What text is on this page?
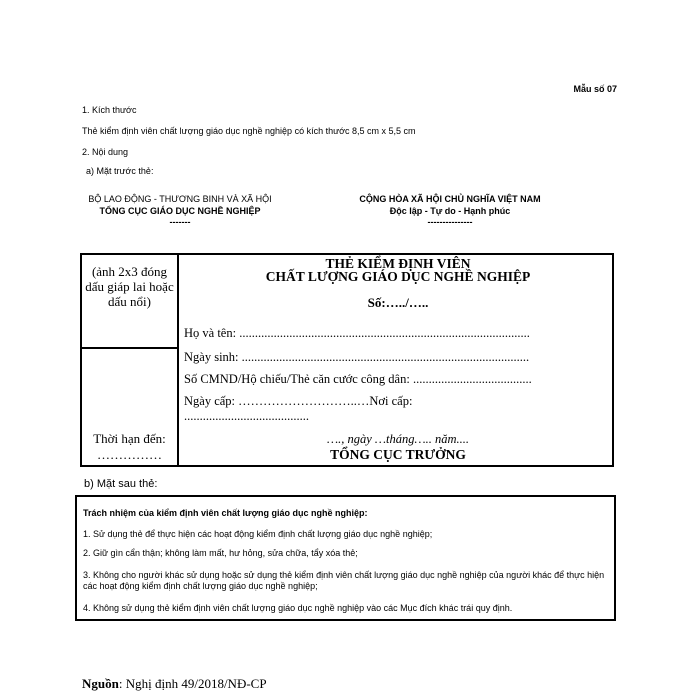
Mẫu số 07
1. Kích thước
Thẻ kiểm định viên chất lượng giáo dục nghề nghiệp có kích thước 8,5 cm x 5,5 cm
2. Nội dung
a) Mặt trước thẻ:
BỘ LAO ĐỘNG - THƯƠNG BINH VÀ XÃ HỘI
TỔNG CỤC GIÁO DỤC NGHỀ NGHIỆP
-------
CỘNG HÒA XÃ HỘI CHỦ NGHĨA VIỆT NAM
Độc lập - Tự do - Hạnh phúc
---------------
(ảnh 2x3 đóng dấu giáp lai hoặc dấu nổi)
Thời hạn đến:
……………
THẺ KIỂM ĐỊNH VIÊN
CHẤT LƯỢNG GIÁO DỤC NGHỀ NGHIỆP
Số:…../…..
Họ và tên: .............................................................................................
Ngày sinh: ............................................................................................
Số CMND/Hộ chiếu/Thẻ căn cước công dân: ......................................
Ngày cấp: ………………………..…Nơi cấp: ........................................
…., ngày …tháng….. năm....
TỔNG CỤC TRƯỞNG
b) Mặt sau thẻ:
Trách nhiệm của kiểm định viên chất lượng giáo dục nghề nghiệp:
1. Sử dụng thẻ để thực hiện các hoạt động kiểm định chất lượng giáo dục nghề nghiệp;
2. Giữ gìn cẩn thận; không làm mất, hư hỏng, sửa chữa, tẩy xóa thẻ;
3. Không cho người khác sử dụng hoặc sử dụng thẻ kiểm định viên chất lượng giáo dục nghề nghiệp của người khác để thực hiện các hoạt động kiểm định chất lượng giáo dục nghề nghiệp;
4. Không sử dụng thẻ kiểm định viên chất lượng giáo dục nghề nghiệp vào các Mục đích khác trái quy định.
Nguồn: Nghị định 49/2018/NĐ-CP
